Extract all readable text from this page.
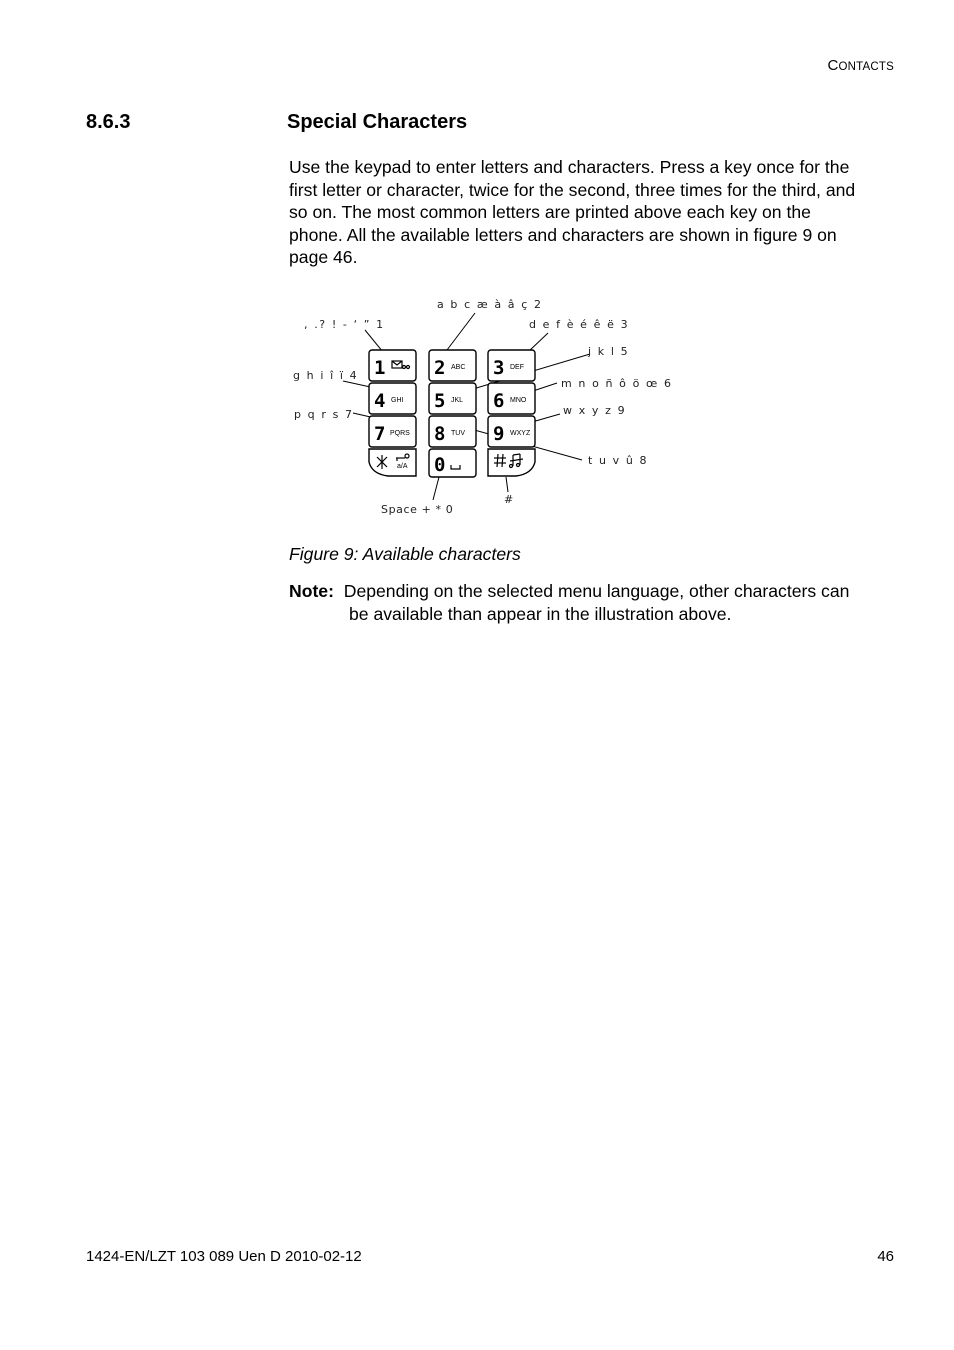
CONTACTS
8.6.3	Special Characters
Use the keypad to enter letters and characters. Press a key once for the
first letter or character, twice for the second, three times for the third, and
so on. The most common letters are printed above each key on the
phone. All the available letters and characters are shown in figure 9 on
page 46.
1	2	3
4	5	6
7	8	9
0
ABC	DEF
GHI	JKL	MNO
PQRS	TUV	WXYZ
a/A
, .? ! - ‘ ” 1
a b c æ à â ç 2
d e f è é ê ë 3
g h i î ï 4
j k l 5
m n o ñ ô ö œ 6
p q r s 7
t u v û 8
w x y z 9
Space + * 0
#
Figure 9: Available characters
Note: Depending on the selected menu language, other characters can
be available than appear in the illustration above.
1424-EN/LZT 103 089 Uen D 2010-02-12	46
